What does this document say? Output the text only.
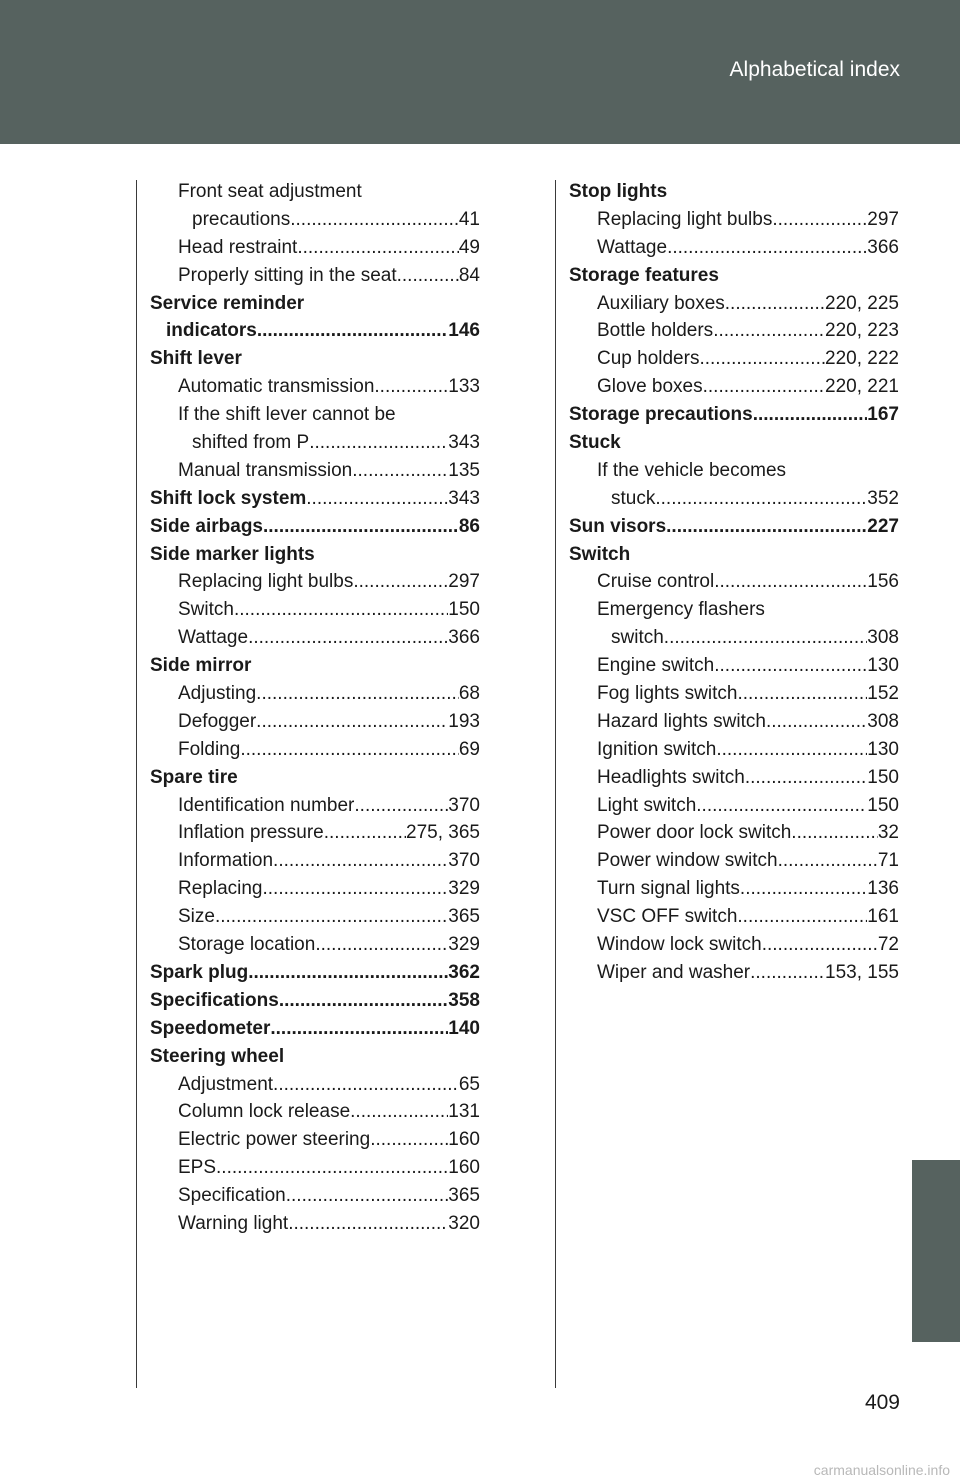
Alphabetical index
Front seat adjustment
precautions .....	41
Head restraint .....	49
Properly sitting in the seat .....	84
Service reminder
indicators .....	146
Shift lever
Automatic transmission .....	133
If the shift lever cannot be
shifted from P .....	343
Manual transmission .....	135
Shift lock system .....	343
Side airbags .....	86
Side marker lights
Replacing light bulbs .....	297
Switch .....	150
Wattage .....	366
Side mirror
Adjusting .....	68
Defogger .....	193
Folding .....	69
Spare tire
Identification number .....	370
Inflation pressure .....	275, 365
Information .....	370
Replacing .....	329
Size .....	365
Storage location .....	329
Spark plug .....	362
Specifications .....	358
Speedometer .....	140
Steering wheel
Adjustment .....	65
Column lock release .....	131
Electric power steering .....	160
EPS .....	160
Specification .....	365
Warning light .....	320
Stop lights
Replacing light bulbs .....	297
Wattage .....	366
Storage features
Auxiliary boxes .....	220, 225
Bottle holders .....	220, 223
Cup holders .....	220, 222
Glove boxes .....	220, 221
Storage precautions .....	167
Stuck
If the vehicle becomes
stuck .....	352
Sun visors .....	227
Switch
Cruise control .....	156
Emergency flashers
switch .....	308
Engine switch .....	130
Fog lights switch .....	152
Hazard lights switch .....	308
Ignition switch .....	130
Headlights switch .....	150
Light switch .....	150
Power door lock switch .....	32
Power window switch .....	71
Turn signal lights .....	136
VSC OFF switch .....	161
Window lock switch .....	72
Wiper and washer .....	153, 155
409
carmanualsonline.info
